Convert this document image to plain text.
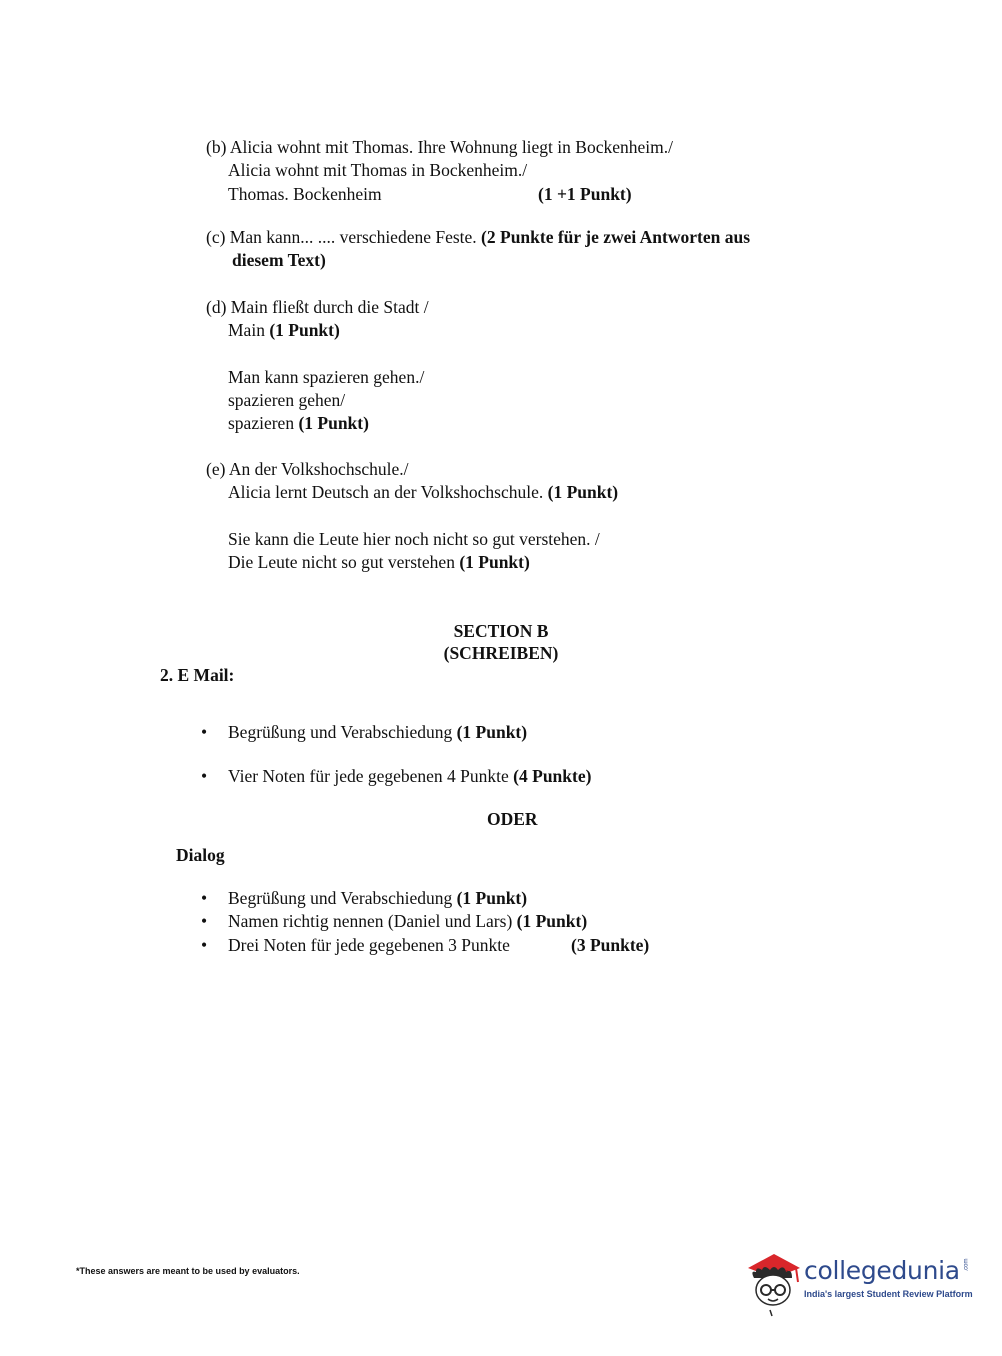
(b) Alicia wohnt mit Thomas. Ihre Wohnung liegt in Bockenheim./
Alicia wohnt mit Thomas in Bockenheim./
Thomas. Bockenheim	(1 +1 Punkt)
(c) Man kann... .... verschiedene Feste. (2 Punkte für je zwei Antworten aus
diesem Text)
(d) Main fließt durch die Stadt /
Main (1 Punkt)
Man kann spazieren gehen./
spazieren gehen/
spazieren (1 Punkt)
(e) An der Volkshochschule./
Alicia lernt Deutsch an der Volkshochschule. (1 Punkt)
Sie kann die Leute hier noch nicht so gut verstehen. /
Die Leute nicht so gut verstehen (1 Punkt)
SECTION B
(SCHREIBEN)
2. E Mail:
• Begrüßung und Verabschiedung (1 Punkt)
• Vier Noten für jede gegebenen 4 Punkte (4 Punkte)
ODER
Dialog
• Begrüßung und Verabschiedung (1 Punkt)
• Namen richtig nennen (Daniel und Lars) (1 Punkt)
• Drei Noten für jede gegebenen 3 Punkte	(3 Punkte)
*These answers are meant to be used by evaluators.	collegedunia .com
India's largest Student Review Platform
